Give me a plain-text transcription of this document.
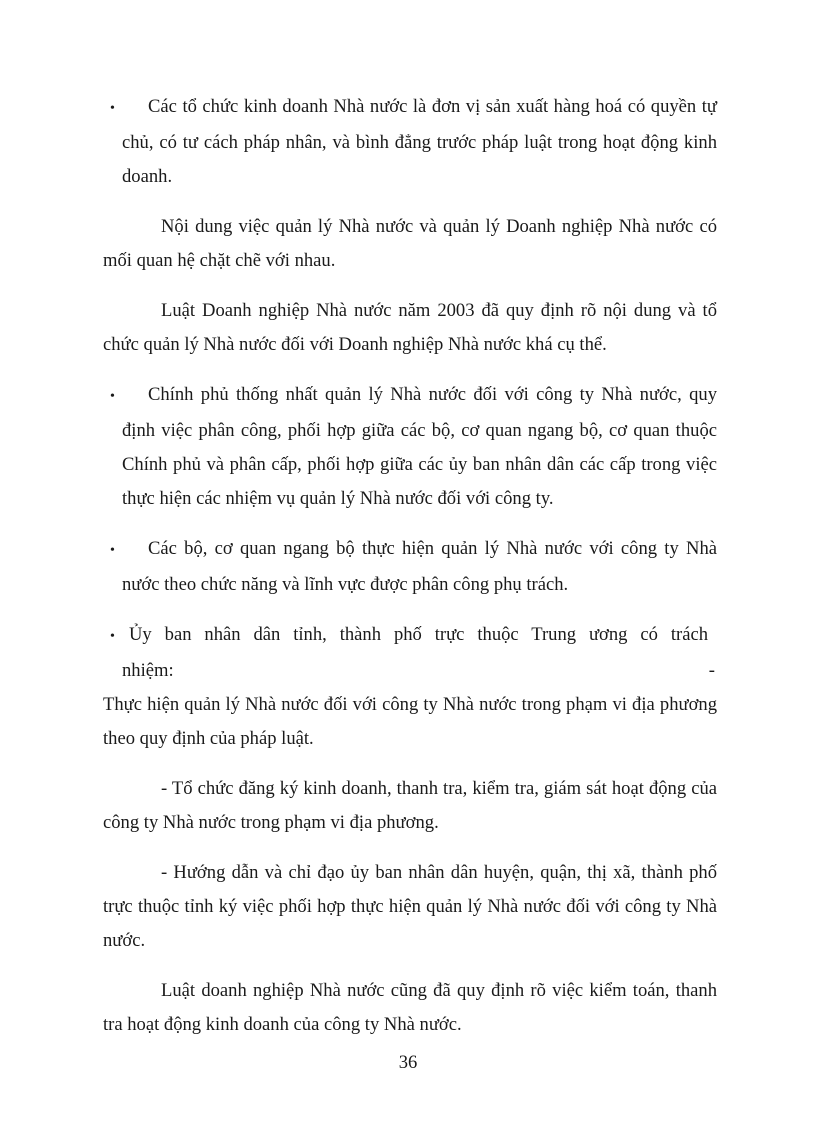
• Các tổ chức kinh doanh Nhà nước là đơn vị sản xuất hàng hoá có quyền tự chủ, có tư cách pháp nhân, và bình đẳng trước pháp luật trong hoạt động kinh doanh.

Nội dung việc quản lý Nhà nước và quản lý Doanh nghiệp Nhà nước có mối quan hệ chặt chẽ với nhau.

Luật Doanh nghiệp Nhà nước năm 2003 đã quy định rõ nội dung và tổ chức quản lý Nhà nước đối với Doanh nghiệp Nhà nước khá cụ thể.

• Chính phủ thống nhất quản lý Nhà nước đối với công ty Nhà nước, quy định việc phân công, phối hợp giữa các bộ, cơ quan ngang bộ, cơ quan thuộc Chính phủ và phân cấp, phối hợp giữa các ủy ban nhân dân các cấp trong việc thực hiện các nhiệm vụ quản lý Nhà nước đối với công ty.

• Các bộ, cơ quan ngang bộ thực hiện quản lý Nhà nước với công ty Nhà nước theo chức năng và lĩnh vực được phân công phụ trách.

• Ủy ban nhân dân tỉnh, thành phố trực thuộc Trung ương có trách

nhiệm:	-

Thực hiện quản lý Nhà nước đối với công ty Nhà nước trong phạm vi địa phương theo quy định của pháp luật.

- Tổ chức đăng ký kinh doanh, thanh tra, kiểm tra, giám sát hoạt động của công ty Nhà nước trong phạm vi địa phương.

- Hướng dẫn và chỉ đạo ủy ban nhân dân huyện, quận, thị xã, thành phố trực thuộc tỉnh ký việc phối hợp thực hiện quản lý Nhà nước đối với công ty Nhà nước.

Luật doanh nghiệp Nhà nước cũng đã quy định rõ việc kiểm toán, thanh tra hoạt động kinh doanh của công ty Nhà nước.

36
